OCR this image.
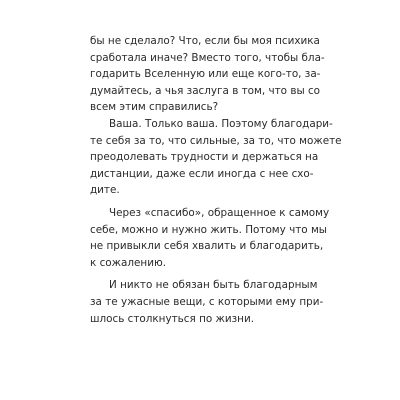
бы не сделало? Что, если бы моя психика
сработала иначе? Вместо того, чтобы бла-
годарить Вселенную или еще кого-то, за-
думайтесь, а чья заслуга в том, что вы со
всем этим справились?

Ваша. Только ваша. Поэтому благодари-
те себя за то, что сильные, за то, что можете
преодолевать трудности и держаться на
дистанции, даже если иногда с нее схо-
дите.

Через «спасибо», обращенное к самому
себе, можно и нужно жить. Потому что мы
не привыкли себя хвалить и благодарить,
к сожалению.

И никто не обязан быть благодарным
за те ужасные вещи, с которыми ему при-
шлось столкнуться по жизни.
